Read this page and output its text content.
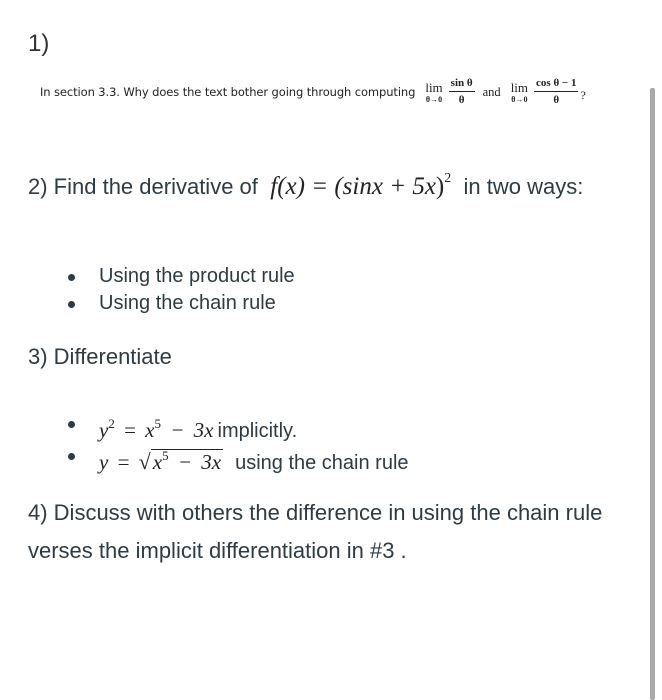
1)
In section 3.3. Why does the text bother going through computing lim
$\theta\to 0 \frac{\text{sin θ}}{\theta}$ and lim
$\theta\to 0 \frac{\text{cos θ − 1}}{\theta}$ ?
2) Find the derivative of $f(x) = (\sin x + 5x)^2$ in two ways:
Using the product rule
Using the chain rule
3) Differentiate
$y^2 = x^5 - 3x$ implicitly.
$y = √x^5 - 3x$ using the chain rule
4) Discuss with others the difference in using the chain rule verses the implicit differentiation in #3 .
